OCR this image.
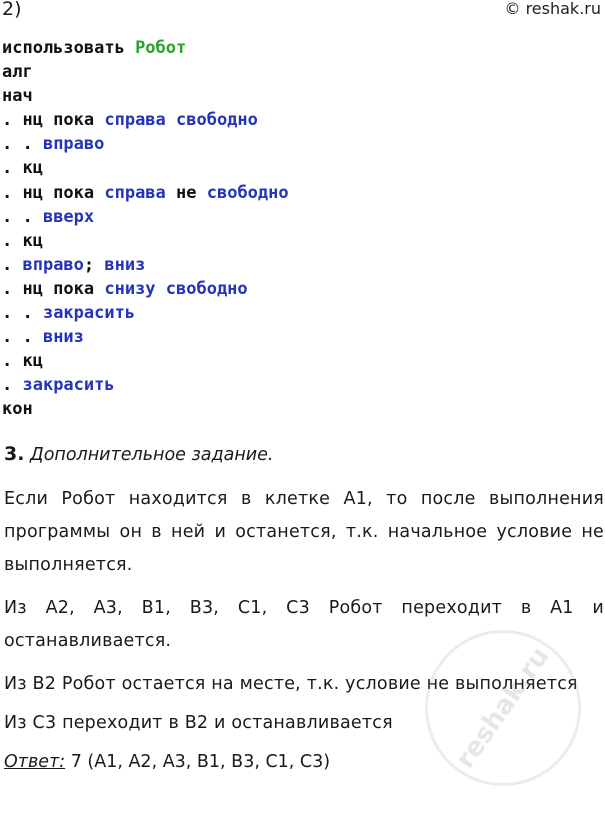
2)	© reshak.ru
использовать Робот
алг
нач
. нц пока справа свободно
. . вправо
. кц
. нц пока справа не свободно
. . вверх
. кц
. вправо; вниз
. нц пока снизу свободно
. . закрасить
. . вниз
. кц
. закрасить
кон
3. Дополнительное задание.
Если Робот находится в клетке А1, то после выполнения программы он в ней и останется, т.к. начальное условие не выполняется.
Из А2, А3, В1, В3, С1, С3 Робот переходит в А1 и останавливается.
Из В2 Робот остается на месте, т.к. условие не выполняется
Из С3 переходит в В2 и останавливается
Ответ: 7 (А1, А2, А3, В1, В3, С1, С3)	reshak.ru
